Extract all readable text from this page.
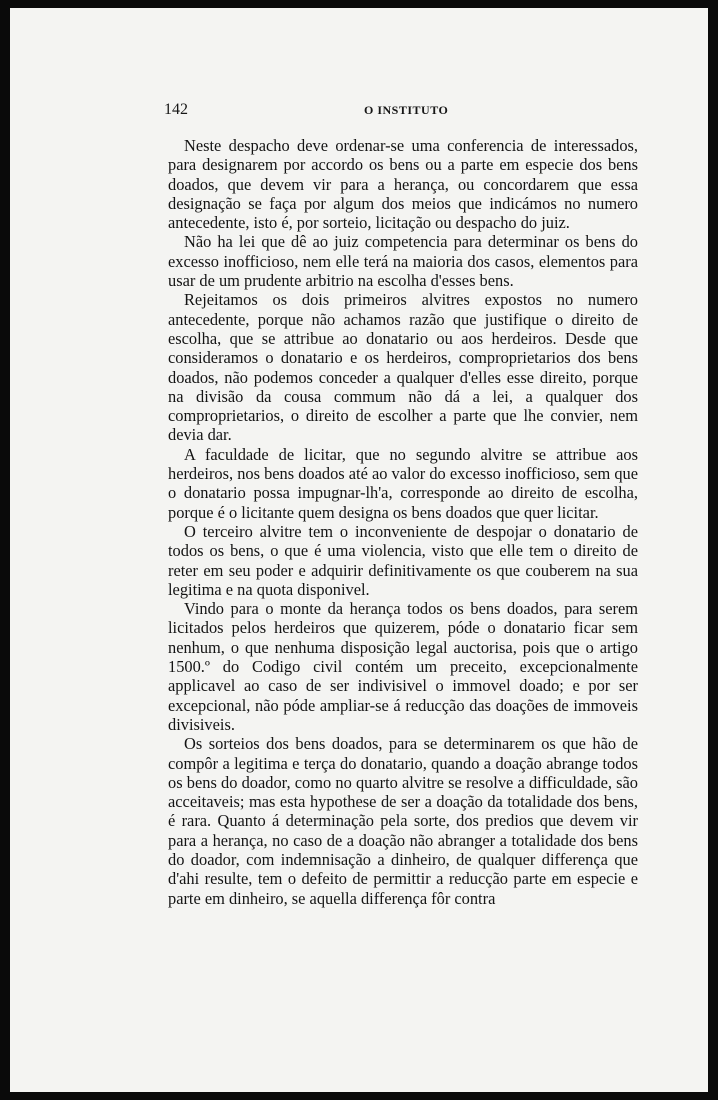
142	O INSTITUTO

Neste despacho deve ordenar-se uma conferencia de interessados, para designarem por accordo os bens ou a parte em especie dos bens doados, que devem vir para a herança, ou concordarem que essa designação se faça por algum dos meios que indicámos no numero antecedente, isto é, por sorteio, licitação ou despacho do juiz.

Não ha lei que dê ao juiz competencia para determinar os bens do excesso inofficioso, nem elle terá na maioria dos casos, elementos para usar de um prudente arbitrio na escolha d'esses bens.

Rejeitamos os dois primeiros alvitres expostos no numero antecedente, porque não achamos razão que justifique o direito de escolha, que se attribue ao donatario ou aos herdeiros. Desde que consideramos o donatario e os herdeiros, comproprietarios dos bens doados, não podemos conceder a qualquer d'elles esse direito, porque na divisão da cousa commum não dá a lei, a qualquer dos comproprietarios, o direito de escolher a parte que lhe convier, nem devia dar.

A faculdade de licitar, que no segundo alvitre se attribue aos herdeiros, nos bens doados até ao valor do excesso inofficioso, sem que o donatario possa impugnar-lh'a, corresponde ao direito de escolha, porque é o licitante quem designa os bens doados que quer licitar.

O terceiro alvitre tem o inconveniente de despojar o donatario de todos os bens, o que é uma violencia, visto que elle tem o direito de reter em seu poder e adquirir definitivamente os que couberem na sua legitima e na quota disponivel.

Vindo para o monte da herança todos os bens doados, para serem licitados pelos herdeiros que quizerem, póde o donatario ficar sem nenhum, o que nenhuma disposição legal auctorisa, pois que o artigo 1500.º do Codigo civil contém um preceito, excepcionalmente applicavel ao caso de ser indivisivel o immovel doado; e por ser excepcional, não póde ampliar-se á reducção das doações de immoveis divisiveis.

Os sorteios dos bens doados, para se determinarem os que hão de compôr a legitima e terça do donatario, quando a doação abrange todos os bens do doador, como no quarto alvitre se resolve a difficuldade, são acceitaveis; mas esta hypothese de ser a doação da totalidade dos bens, é rara. Quanto á determinação pela sorte, dos predios que devem vir para a herança, no caso de a doação não abranger a totalidade dos bens do doador, com indemnisação a dinheiro, de qualquer differença que d'ahi resulte, tem o defeito de permittir a reducção parte em especie e parte em dinheiro, se aquella differença fôr contra
